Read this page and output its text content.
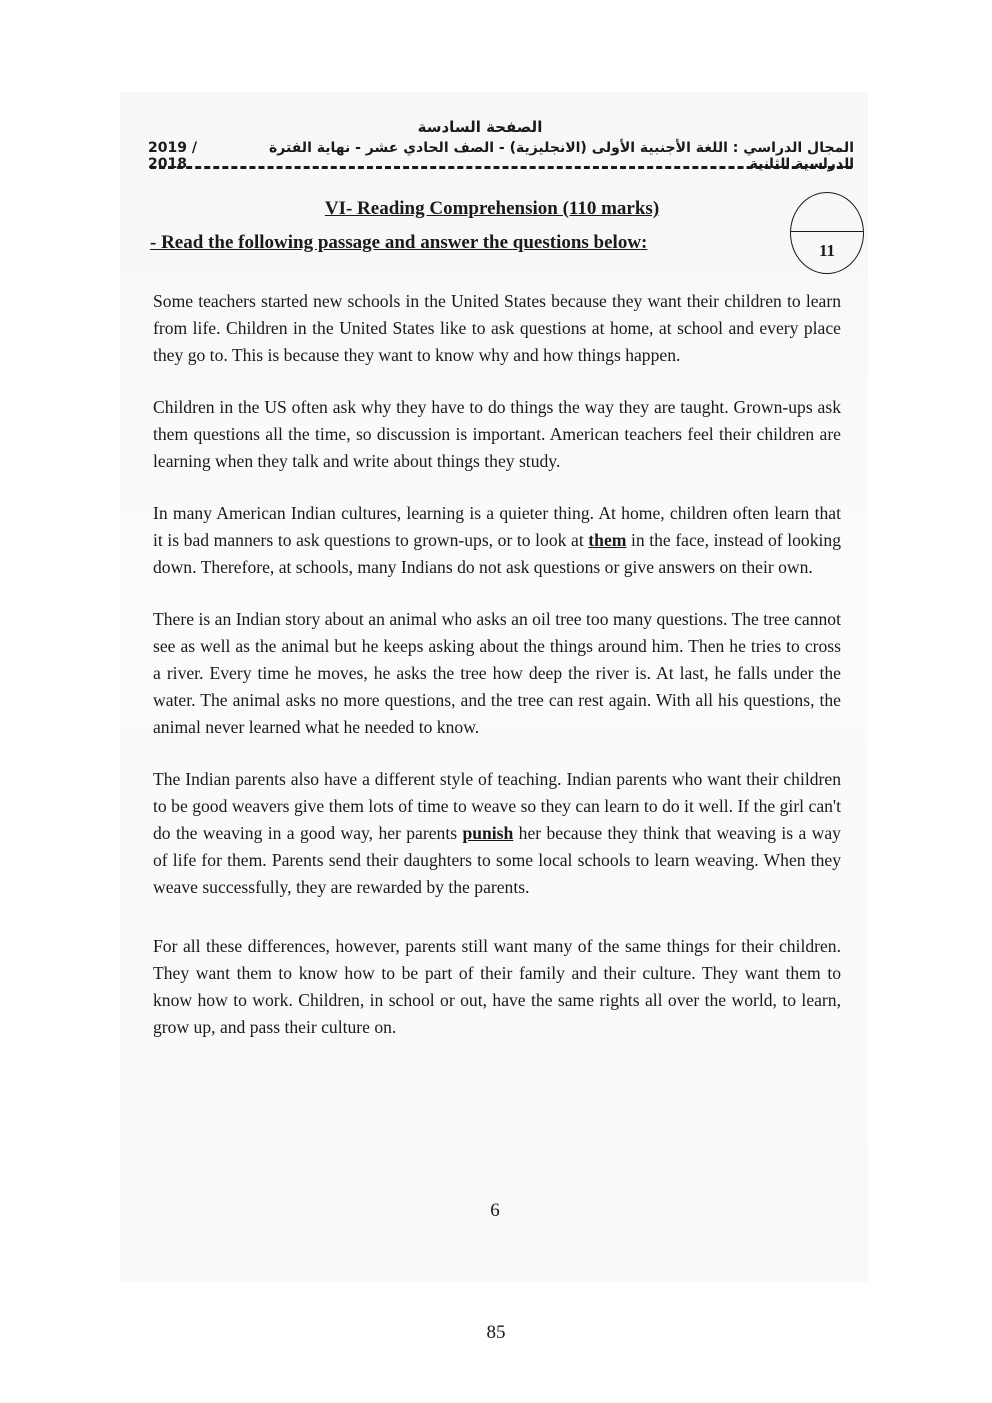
الصفحة السادسة
2019 / 2018
المجال الدراسي : اللغة الأجنبية الأولى (الانجليزية) - الصف الحادي عشر - نهاية الفترة الدراسية الثانية
VI- Reading Comprehension (110 marks)
- Read the following passage and answer the questions below:	11

Some teachers started new schools in the United States because they want their children to learn from life. Children in the United States like to ask questions at home, at school and every place they go to. This is because they want to know why and how things happen.

Children in the US often ask why they have to do things the way they are taught. Grown-ups ask them questions all the time, so discussion is important. American teachers feel their children are learning when they talk and write about things they study.

In many American Indian cultures, learning is a quieter thing. At home, children often learn that it is bad manners to ask questions to grown-ups, or to look at them in the face, instead of looking down. Therefore, at schools, many Indians do not ask questions or give answers on their own.

There is an Indian story about an animal who asks an oil tree too many questions. The tree cannot see as well as the animal but he keeps asking about the things around him. Then he tries to cross a river. Every time he moves, he asks the tree how deep the river is. At last, he falls under the water. The animal asks no more questions, and the tree can rest again. With all his questions, the animal never learned what he needed to know.

The Indian parents also have a different style of teaching. Indian parents who want their children to be good weavers give them lots of time to weave so they can learn to do it well. If the girl can't do the weaving in a good way, her parents punish her because they think that weaving is a way of life for them. Parents send their daughters to some local schools to learn weaving. When they weave successfully, they are rewarded by the parents.

For all these differences, however, parents still want many of the same things for their children. They want them to know how to be part of their family and their culture. They want them to know how to work. Children, in school or out, have the same rights all over the world, to learn, grow up, and pass their culture on.

6
85
